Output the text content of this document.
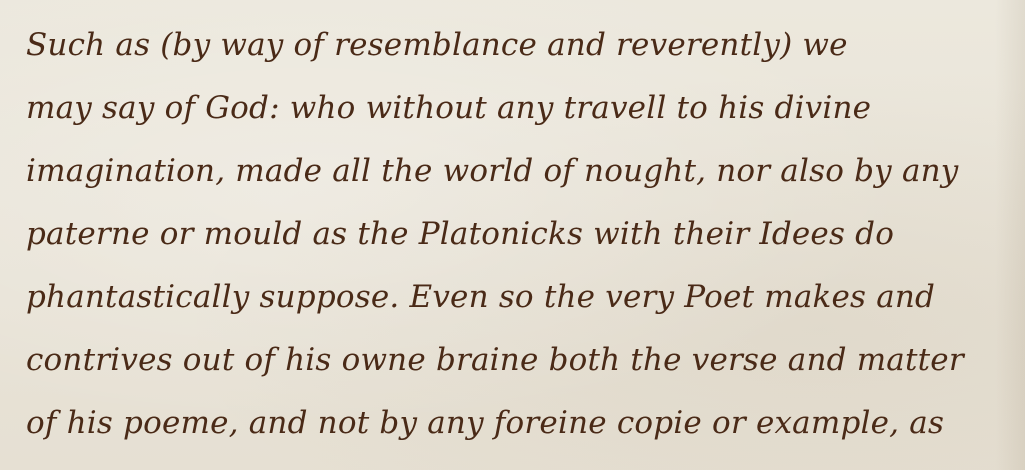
Such as (by way of resemblance and reverently) we
may say of God: who without any travell to his divine
imagination, made all the world of nought, nor also by any
paterne or mould as the Platonicks with their Idees do
phantastically suppose. Even so the very Poet makes and
contrives out of his owne braine both the verse and matter
of his poeme, and not by any foreine copie or example, as
